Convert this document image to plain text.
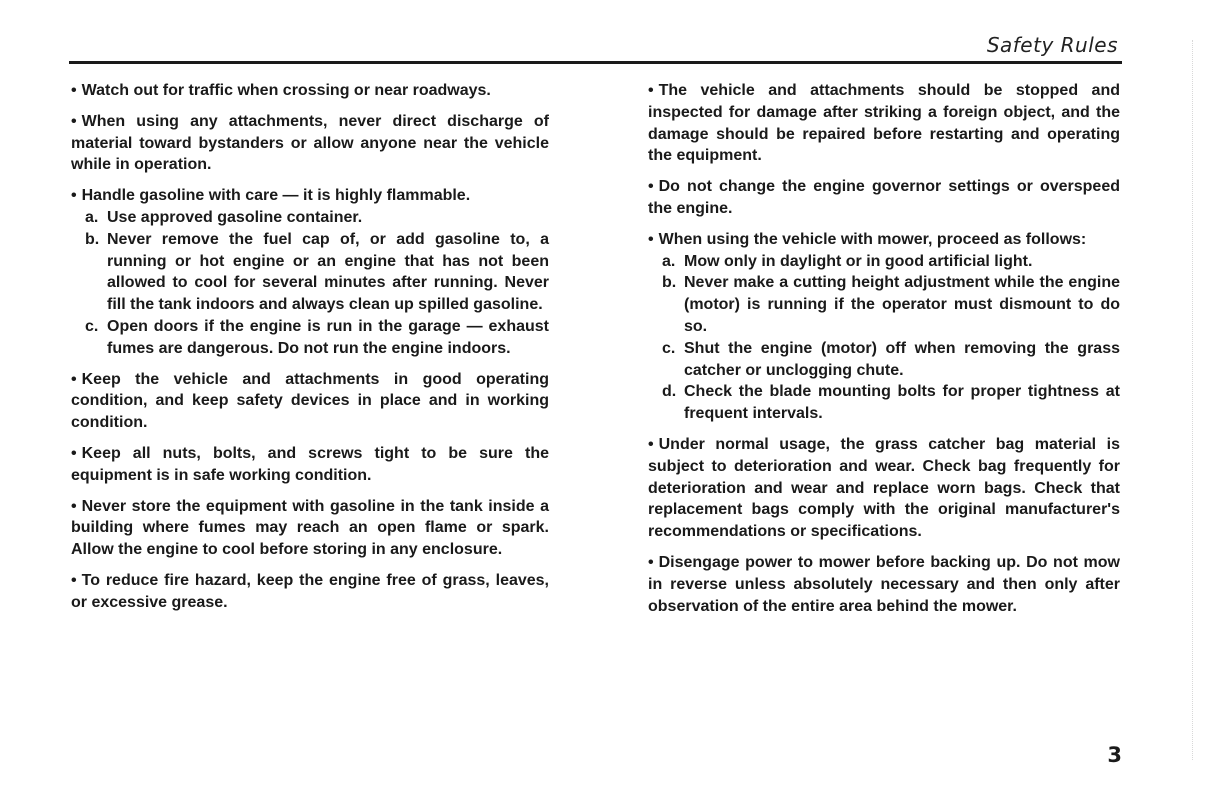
Safety Rules

• Watch out for traffic when crossing or near roadways.

• When using any attachments, never direct discharge of material toward bystanders or allow anyone near the vehicle while in operation.

• Handle gasoline with care — it is highly flammable.

a. Use approved gasoline container.
b. Never remove the fuel cap of, or add gasoline to, a running or hot engine or an engine that has not been allowed to cool for several minutes after running. Never fill the tank indoors and always clean up spilled gasoline.
c. Open doors if the engine is run in the garage — exhaust fumes are dangerous. Do not run the engine indoors.

• Keep the vehicle and attachments in good operating condition, and keep safety devices in place and in working condition.

• Keep all nuts, bolts, and screws tight to be sure the equipment is in safe working condition.

• Never store the equipment with gasoline in the tank inside a building where fumes may reach an open flame or spark. Allow the engine to cool before storing in any enclosure.

• To reduce fire hazard, keep the engine free of grass, leaves, or excessive grease.

• The vehicle and attachments should be stopped and inspected for damage after striking a foreign object, and the damage should be repaired before restarting and operating the equipment.

• Do not change the engine governor settings or overspeed the engine.

• When using the vehicle with mower, proceed as follows:

a. Mow only in daylight or in good artificial light.
b. Never make a cutting height adjustment while the engine (motor) is running if the operator must dismount to do so.
c. Shut the engine (motor) off when removing the grass catcher or unclogging chute.
d. Check the blade mounting bolts for proper tightness at frequent intervals.

• Under normal usage, the grass catcher bag material is subject to deterioration and wear. Check bag frequently for deterioration and wear and replace worn bags. Check that replacement bags comply with the original manufacturer's recommendations or specifications.

• Disengage power to mower before backing up. Do not mow in reverse unless absolutely necessary and then only after observation of the entire area behind the mower.

3
